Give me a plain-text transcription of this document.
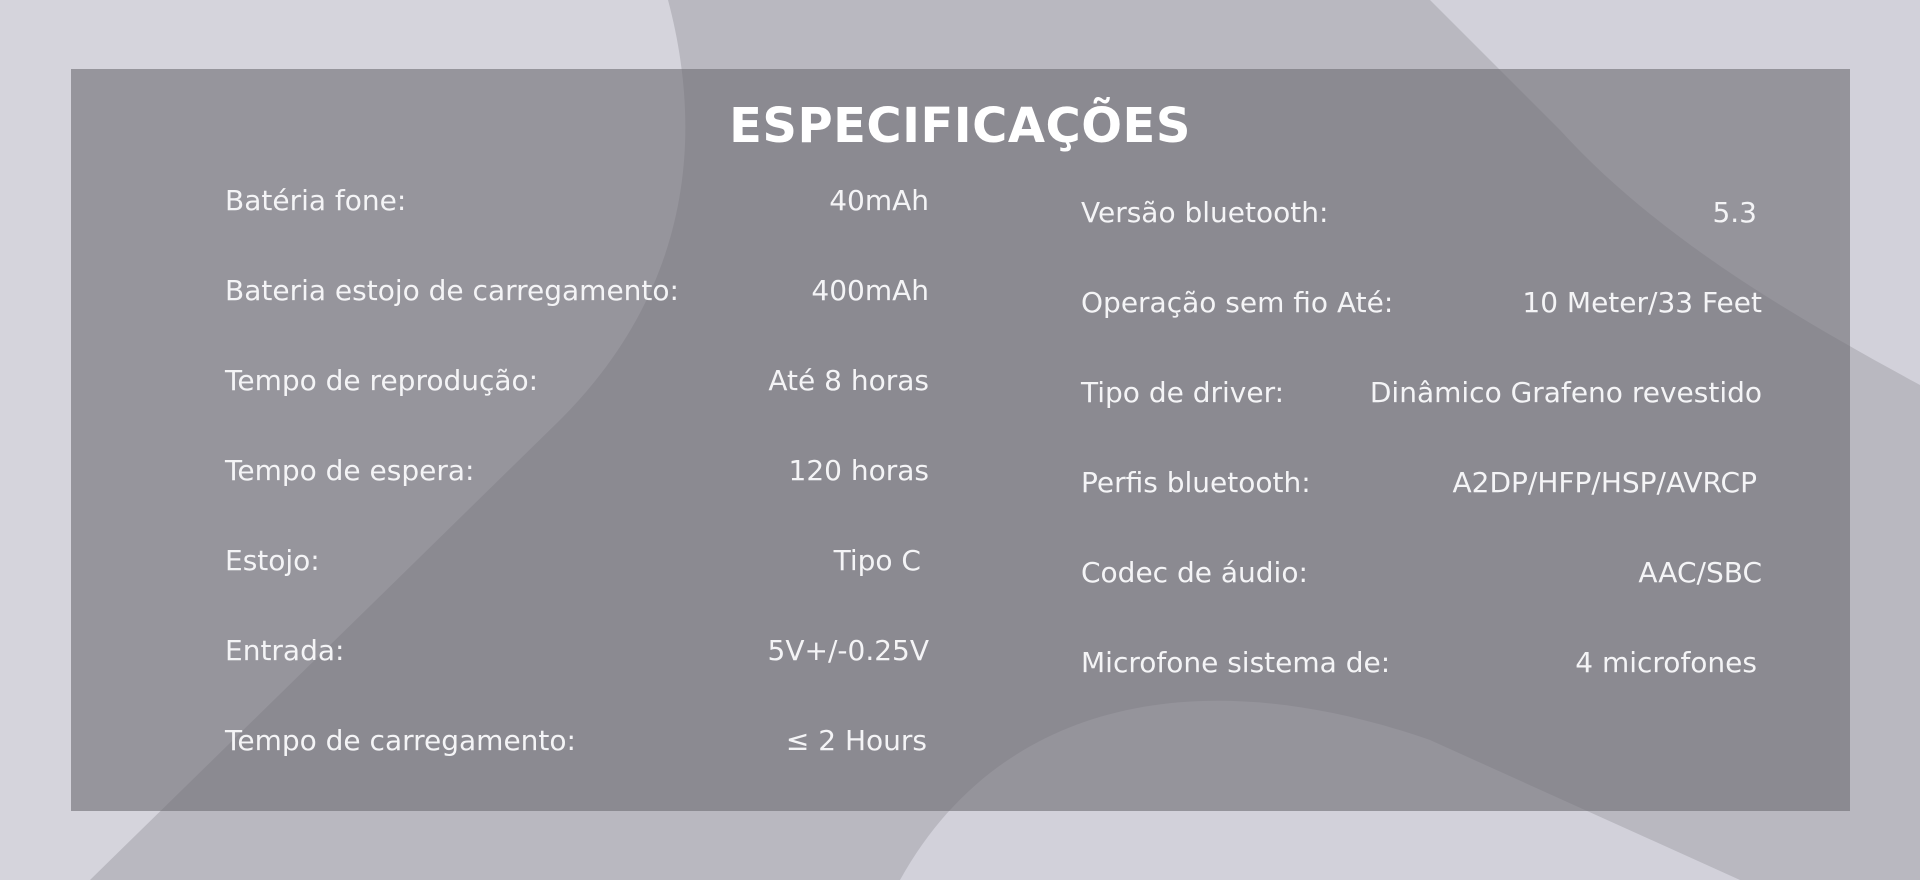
ESPECIFICAÇÕES
Batéria fone:	40mAh
Bateria estojo de carregamento:	400mAh
Tempo de reprodução:	Até 8 horas
Tempo de espera:	120 horas
Estojo:	Tipo C
Entrada:	5V+/-0.25V
Tempo de carregamento:	≤ 2 Hours
Versão bluetooth:	5.3
Operação sem fio Até:	10 Meter/33 Feet
Tipo de driver:	Dinâmico Grafeno revestido
Perfis bluetooth:	A2DP/HFP/HSP/AVRCP
Codec de áudio:	AAC/SBC
Microfone sistema de:	4 microfones
